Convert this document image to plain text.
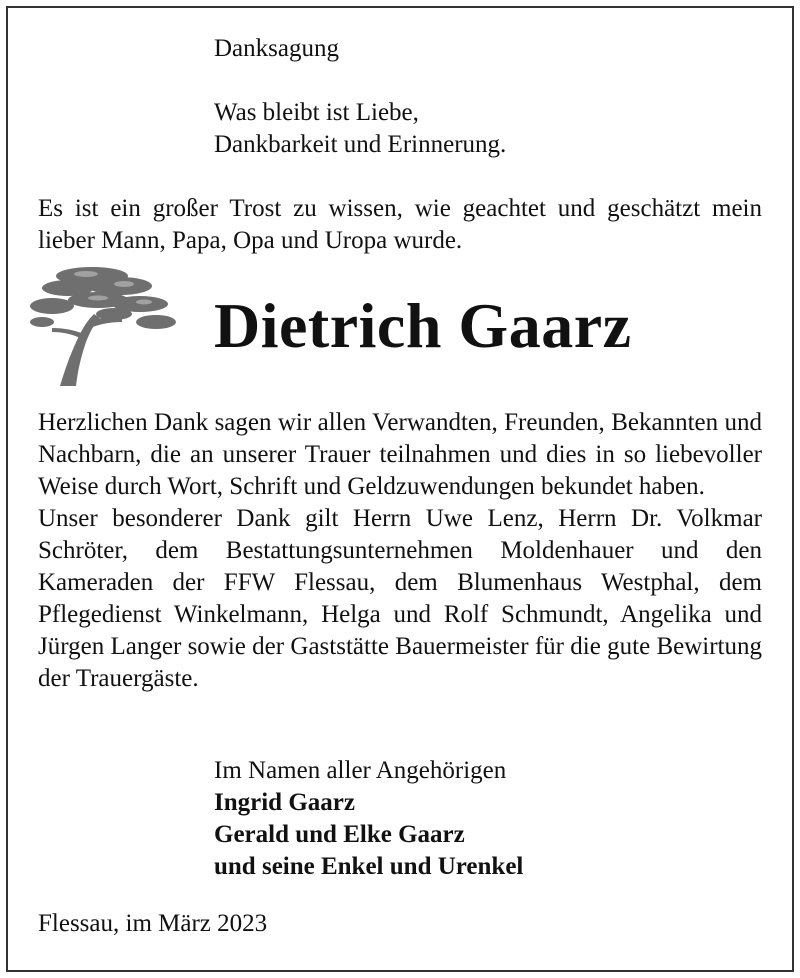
Danksagung

Was bleibt ist Liebe,
Dankbarkeit und Erinnerung.

Es ist ein großer Trost zu wissen, wie geachtet und geschätzt mein lieber Mann, Papa, Opa und Uropa wurde.

Dietrich Gaarz

Herzlichen Dank sagen wir allen Verwandten, Freunden, Bekannten und Nachbarn, die an unserer Trauer teilnahmen und dies in so liebevoller Weise durch Wort, Schrift und Geldzuwendungen bekundet haben.

Unser besonderer Dank gilt Herrn Uwe Lenz, Herrn Dr. Volkmar Schröter, dem Bestattungsunternehmen Moldenhauer und den Kameraden der FFW Flessau, dem Blumenhaus Westphal, dem Pflegedienst Winkelmann, Helga und Rolf Schmundt, Angelika und Jürgen Langer sowie der Gaststätte Bauermeister für die gute Bewirtung der Trauergäste.

Im Namen aller Angehörigen
Ingrid Gaarz
Gerald und Elke Gaarz
und seine Enkel und Urenkel

Flessau, im März 2023
